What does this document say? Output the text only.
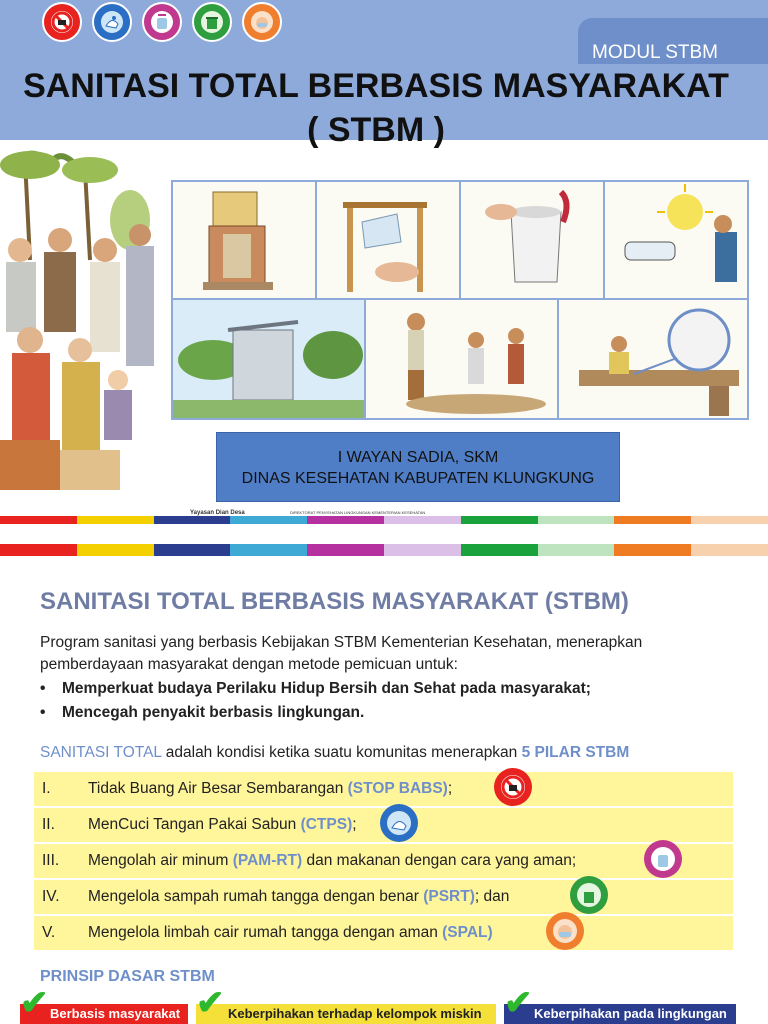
MODUL STBM
SANITASI TOTAL BERBASIS MASYARAKAT
( STBM )
I WAYAN SADIA, SKM
DINAS KESEHATAN KABUPATEN KLUNGKUNG
Yayasan Dian Desa	DIREKTORAT PENYEHATAN LINGKUNGAN KEMENTERIAN KESEHATAN
SANITASI TOTAL BERBASIS MASYARAKAT (STBM)
Program sanitasi yang berbasis Kebijakan STBM Kementerian Kesehatan, menerapkan
pemberdayaan masyarakat dengan metode pemicuan untuk:
• Memperkuat budaya Perilaku Hidup Bersih dan Sehat pada masyarakat;
• Mencegah penyakit berbasis lingkungan.
SANITASI TOTAL adalah kondisi ketika suatu komunitas menerapkan 5 PILAR STBM
I. Tidak Buang Air Besar Sembarangan (STOP BABS);
II. MenCuci Tangan Pakai Sabun (CTPS);
III. Mengolah air minum (PAM-RT) dan makanan dengan cara yang aman;
IV. Mengelola sampah rumah tangga dengan benar (PSRT); dan
V. Mengelola limbah cair rumah tangga dengan aman (SPAL)
PRINSIP DASAR STBM
Berbasis masyarakat	Keberpihakan terhadap kelompok miskin	Keberpihakan pada lingkungan
✔	✔	✔
